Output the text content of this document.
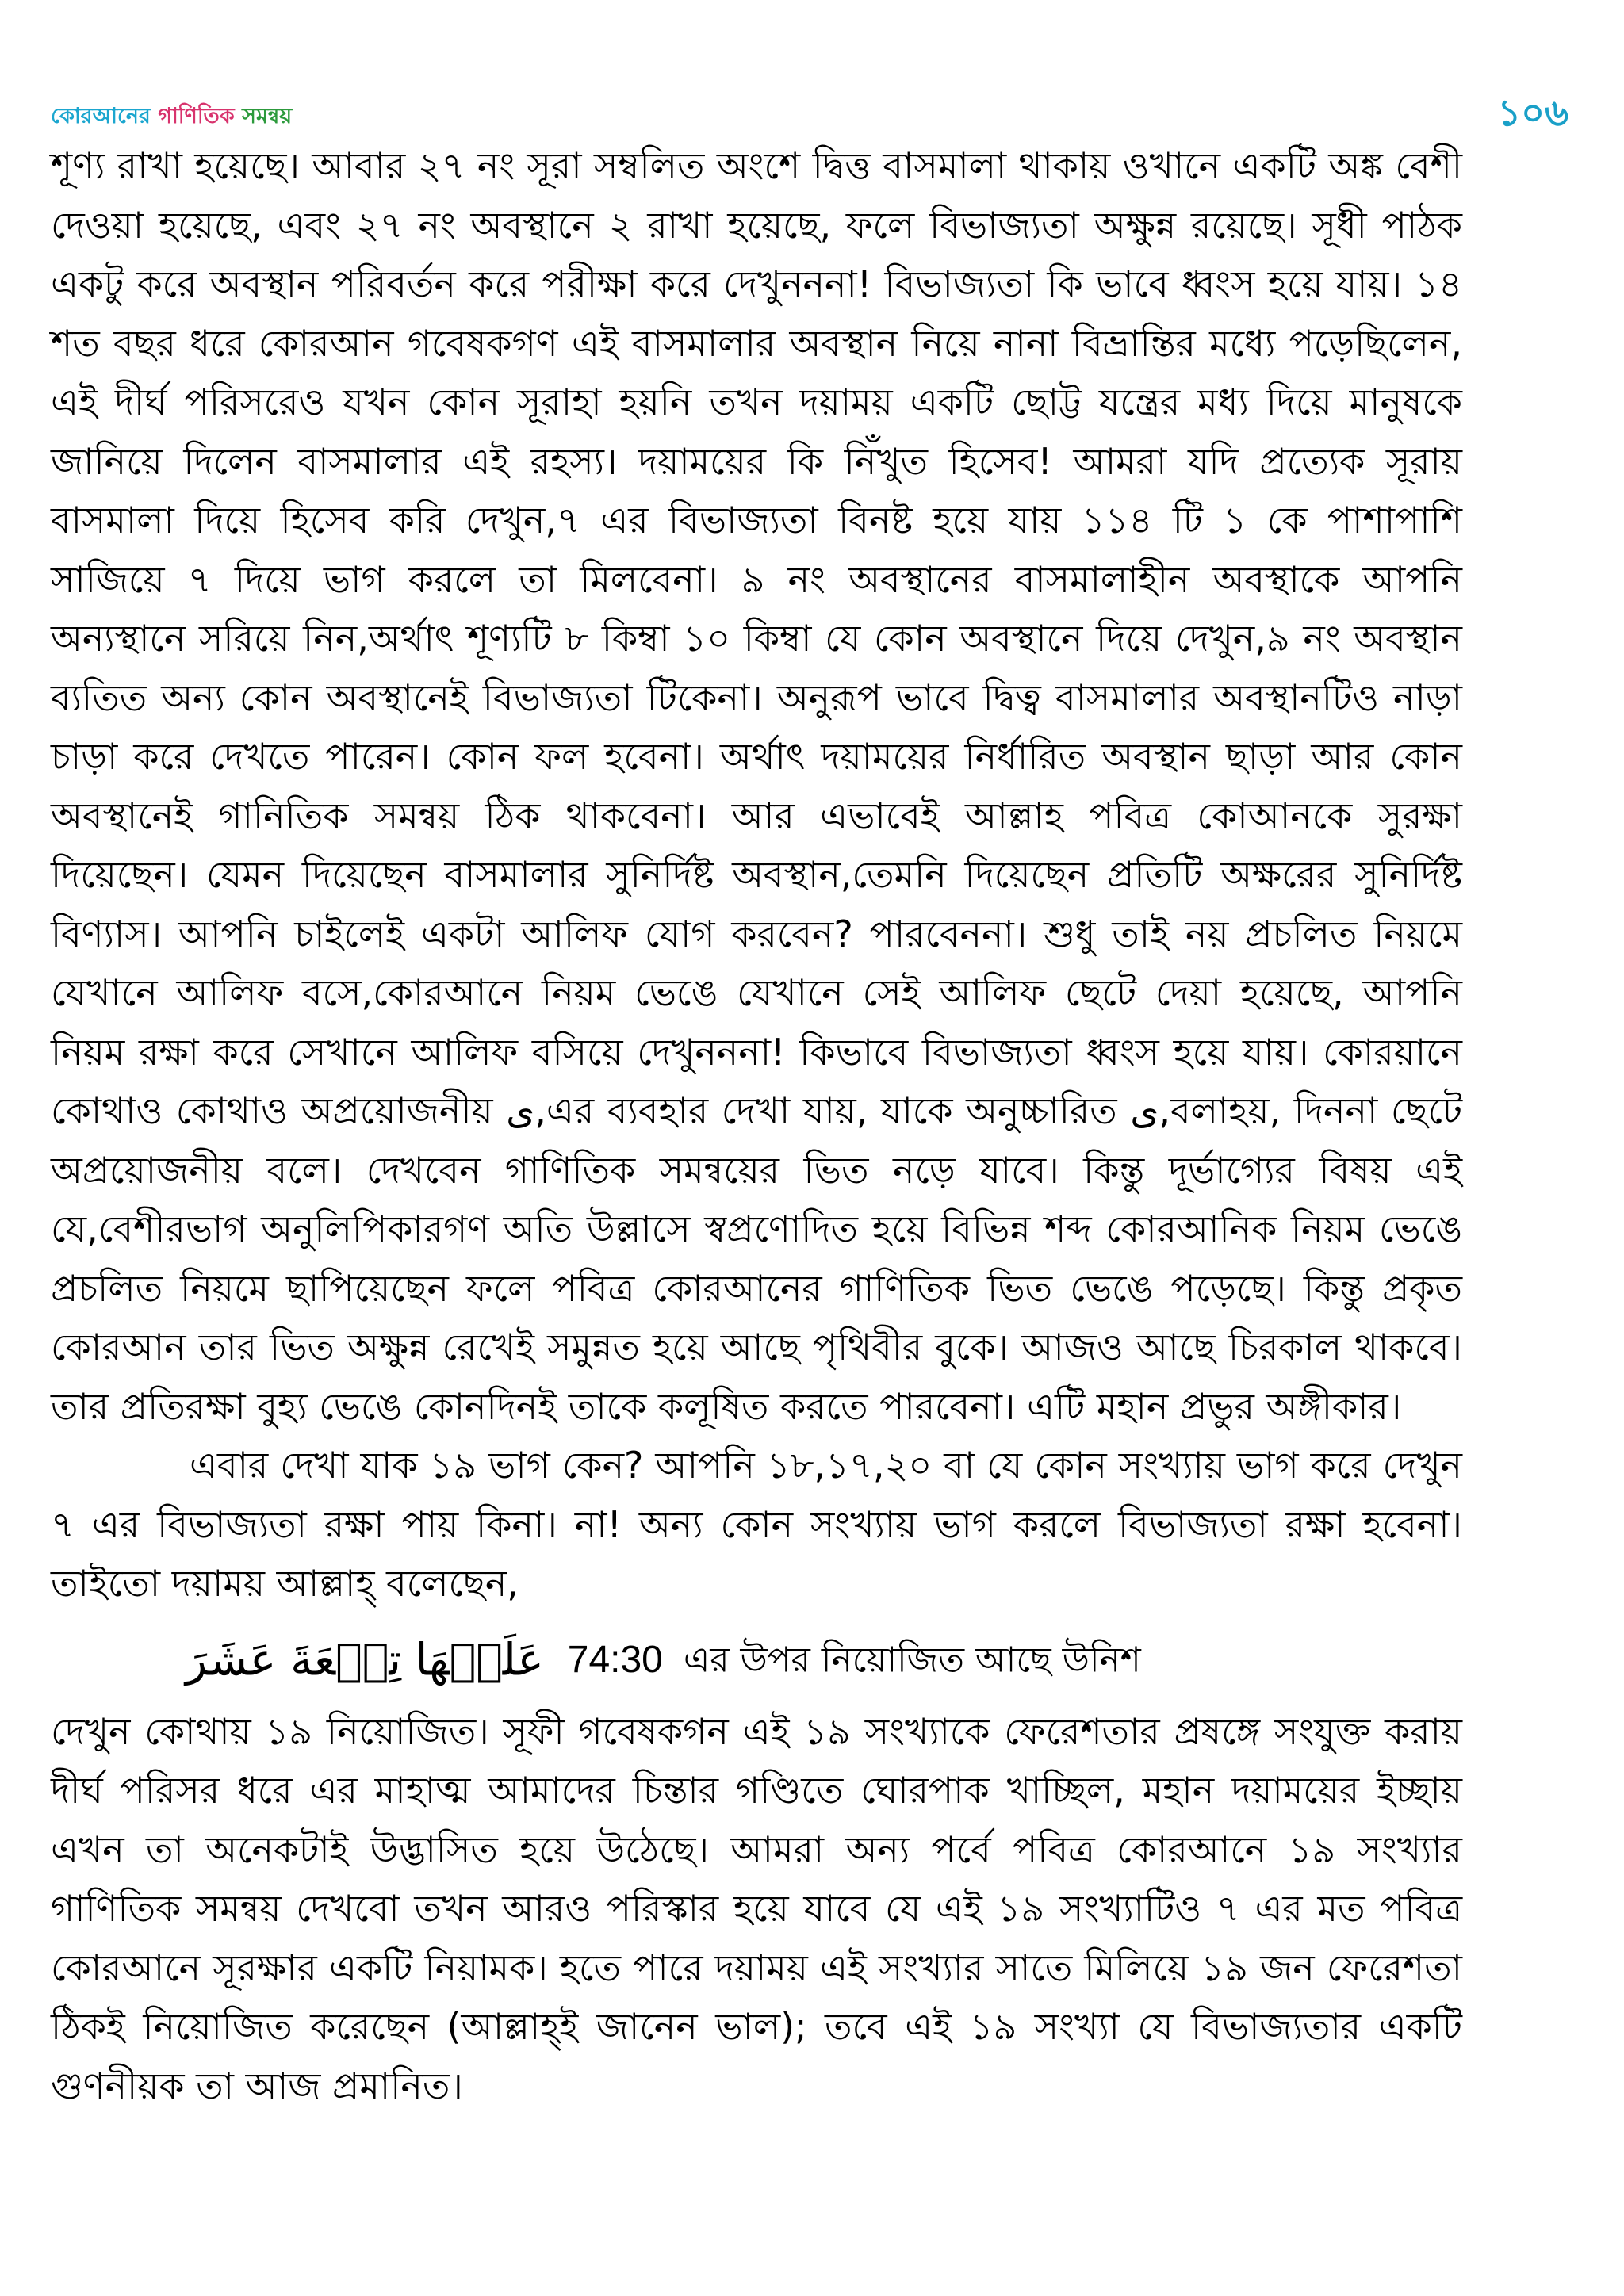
কোরআনের গাণিতিক সমন্বয়	১০৬

শূণ্য রাখা হয়েছে। আবার ২৭ নং সূরা সম্বলিত অংশে দ্বিত্ত বাসমালা থাকায় ওখানে একটি অঙ্ক বেশী দেওয়া হয়েছে, এবং ২৭ নং অবস্থানে ২ রাখা হয়েছে, ফলে বিভাজ্যতা অক্ষুন্ন রয়েছে। সূধী পাঠক একটু করে অবস্থান পরিবর্তন করে পরীক্ষা করে দেখুনননা! বিভাজ্যতা কি ভাবে ধ্বংস হয়ে যায়। ১৪ শত বছর ধরে কোরআন গবেষকগণ এই বাসমালার অবস্থান নিয়ে নানা বিভ্রান্তির মধ্যে পড়েছিলেন, এই দীর্ঘ পরিসরেও যখন কোন সূরাহা হয়নি তখন দয়াময় একটি ছোট্ট যন্ত্রের মধ্য দিয়ে মানুষকে জানিয়ে দিলেন বাসমালার এই রহস্য। দয়াময়ের কি নিঁখুত হিসেব! আমরা যদি প্রত্যেক সূরায় বাসমালা দিয়ে হিসেব করি দেখুন,৭ এর বিভাজ্যতা বিনষ্ট হয়ে যায় ১১৪ টি ১ কে পাশাপাশি সাজিয়ে ৭ দিয়ে ভাগ করলে তা মিলবেনা। ৯ নং অবস্থানের বাসমালাহীন অবস্থাকে আপনি অন্যস্থানে সরিয়ে নিন,অর্থাৎ শূণ্যটি ৮ কিম্বা ১০ কিম্বা যে কোন অবস্থানে দিয়ে দেখুন,৯ নং অবস্থান ব্যতিত অন্য কোন অবস্থানেই বিভাজ্যতা টিকেনা। অনুরূপ ভাবে দ্বিত্ব বাসমালার অবস্থানটিও নাড়া চাড়া করে দেখতে পারেন। কোন ফল হবেনা। অর্থাৎ দয়াময়ের নির্ধারিত অবস্থান ছাড়া আর কোন অবস্থানেই গানিতিক সমন্বয় ঠিক থাকবেনা। আর এভাবেই আল্লাহ পবিত্র কোআনকে সুরক্ষা দিয়েছেন। যেমন দিয়েছেন বাসমালার সুনির্দিষ্ট অবস্থান,তেমনি দিয়েছেন প্রতিটি অক্ষরের সুনির্দিষ্ট বিণ্যাস। আপনি চাইলেই একটা আলিফ যোগ করবেন? পারবেননা। শুধু তাই নয় প্রচলিত নিয়মে যেখানে আলিফ বসে,কোরআনে নিয়ম ভেঙে যেখানে সেই আলিফ ছেটে দেয়া হয়েছে, আপনি নিয়ম রক্ষা করে সেখানে আলিফ বসিয়ে দেখুনননা! কিভাবে বিভাজ্যতা ধ্বংস হয়ে যায়। কোরয়ানে কোথাও কোথাও অপ্রয়োজনীয় ى,এর ব্যবহার দেখা যায়, যাকে অনুচ্চারিত ى,বলাহয়, দিননা ছেটে অপ্রয়োজনীয় বলে। দেখবেন গাণিতিক সমন্বয়ের ভিত নড়ে যাবে। কিন্তু দূর্ভাগ্যের বিষয় এই যে,বেশীরভাগ অনুলিপিকারগণ অতি উল্লাসে স্বপ্রণোদিত হয়ে বিভিন্ন শব্দ কোরআনিক নিয়ম ভেঙে প্রচলিত নিয়মে ছাপিয়েছেন ফলে পবিত্র কোরআনের গাণিতিক ভিত ভেঙে পড়েছে। কিন্তু প্রকৃত কোরআন তার ভিত অক্ষুন্ন রেখেই সমুন্নত হয়ে আছে পৃথিবীর বুকে। আজও আছে চিরকাল থাকবে। তার প্রতিরক্ষা বুহ্য ভেঙে কোনদিনই তাকে কলূষিত করতে পারবেনা। এটি মহান প্রভুর অঙ্গীকার।

এবার দেখা যাক ১৯ ভাগ কেন? আপনি ১৮,১৭,২০ বা যে কোন সংখ্যায় ভাগ করে দেখুন ৭ এর বিভাজ্যতা রক্ষা পায় কিনা। না! অন্য কোন সংখ্যায় ভাগ করলে বিভাজ্যতা রক্ষা হবেনা। তাইতো দয়াময় আল্লাহ্ বলেছেন,

عَلَيۡهَا تِسۡعَةَ عَشَرَ 74:30 এর উপর নিয়োজিত আছে উনিশ

দেখুন কোথায় ১৯ নিয়োজিত। সূফী গবেষকগন এই ১৯ সংখ্যাকে ফেরেশতার প্রষঙ্গে সংযুক্ত করায় দীর্ঘ পরিসর ধরে এর মাহাত্ম আমাদের চিন্তার গণ্ডিতে ঘোরপাক খাচ্ছিল, মহান দয়াময়ের ইচ্ছায় এখন তা অনেকটাই উদ্ভাসিত হয়ে উঠেছে। আমরা অন্য পর্বে পবিত্র কোরআনে ১৯ সংখ্যার গাণিতিক সমন্বয় দেখবো তখন আরও পরিস্কার হয়ে যাবে যে এই ১৯ সংখ্যাটিও ৭ এর মত পবিত্র কোরআনে সূরক্ষার একটি নিয়ামক। হতে পারে দয়াময় এই সংখ্যার সাতে মিলিয়ে ১৯ জন ফেরেশতা ঠিকই নিয়োজিত করেছেন (আল্লাহ্ই জানেন ভাল); তবে এই ১৯ সংখ্যা যে বিভাজ্যতার একটি গুণনীয়ক তা আজ প্রমানিত।
